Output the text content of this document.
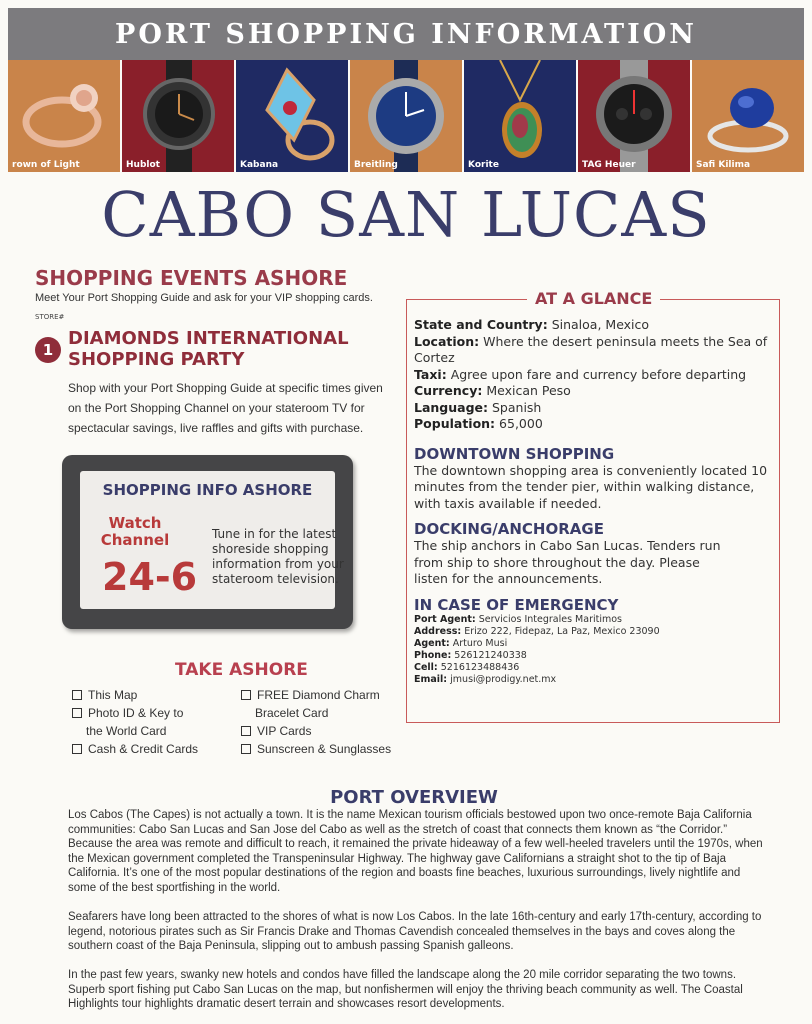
PORT SHOPPING INFORMATION
rown of Light	Hublot	Kabana	Breitling	Korite	TAG Heuer	Safi Kilima
CABO SAN LUCAS
SHOPPING EVENTS ASHORE
Meet Your Port Shopping Guide and ask for your VIP shopping cards.
STORE#
1
DIAMONDS INTERNATIONAL SHOPPING PARTY
Shop with your Port Shopping Guide at specific times given on the Port Shopping Channel on your stateroom TV for spectacular savings, live raffles and gifts with purchase.
SHOPPING INFO ASHORE
Watch Channel
24-6
Tune in for the latest shoreside shopping information from your stateroom television.
TAKE ASHORE
This Map
Photo ID & Key to
the World Card
Cash & Credit Cards
FREE Diamond Charm
Bracelet Card
VIP Cards
Sunscreen & Sunglasses
AT A GLANCE
State and Country: Sinaloa, Mexico
Location: Where the desert peninsula meets the Sea of Cortez
Taxi: Agree upon fare and currency before departing
Currency: Mexican Peso
Language: Spanish
Population: 65,000
DOWNTOWN SHOPPING
The downtown shopping area is conveniently located 10 minutes from the tender pier, within walking distance, with taxis available if needed.
DOCKING/ANCHORAGE
The ship anchors in Cabo San Lucas. Tenders run from ship to shore throughout the day. Please listen for the announcements.
IN CASE OF EMERGENCY
Port Agent: Servicios Integrales Maritimos
Address: Erizo 222, Fidepaz, La Paz, Mexico 23090
Agent: Arturo Musi
Phone: 526121240338
Cell: 5216123488436
Email: jmusi@prodigy.net.mx
PORT OVERVIEW
Los Cabos (The Capes) is not actually a town. It is the name Mexican tourism officials bestowed upon two once-remote Baja California communities: Cabo San Lucas and San Jose del Cabo as well as the stretch of coast that connects them known as “the Corridor.” Because the area was remote and difficult to reach, it remained the private hideaway of a few well-heeled travelers until the 1970s, when the Mexican government completed the Transpeninsular Highway. The highway gave Californians a straight shot to the tip of Baja California. It’s one of the most popular destinations of the region and boasts fine beaches, luxurious surroundings, lively nightlife and some of the best sportfishing in the world.
Seafarers have long been attracted to the shores of what is now Los Cabos. In the late 16th-century and early 17th-century, according to legend, notorious pirates such as Sir Francis Drake and Thomas Cavendish concealed themselves in the bays and coves along the southern coast of the Baja Peninsula, slipping out to ambush passing Spanish galleons.
In the past few years, swanky new hotels and condos have filled the landscape along the 20 mile corridor separating the two towns. Superb sport fishing put Cabo San Lucas on the map, but nonfishermen will enjoy the thriving beach community as well. The Coastal Highlights tour highlights dramatic desert terrain and showcases resort developments.
